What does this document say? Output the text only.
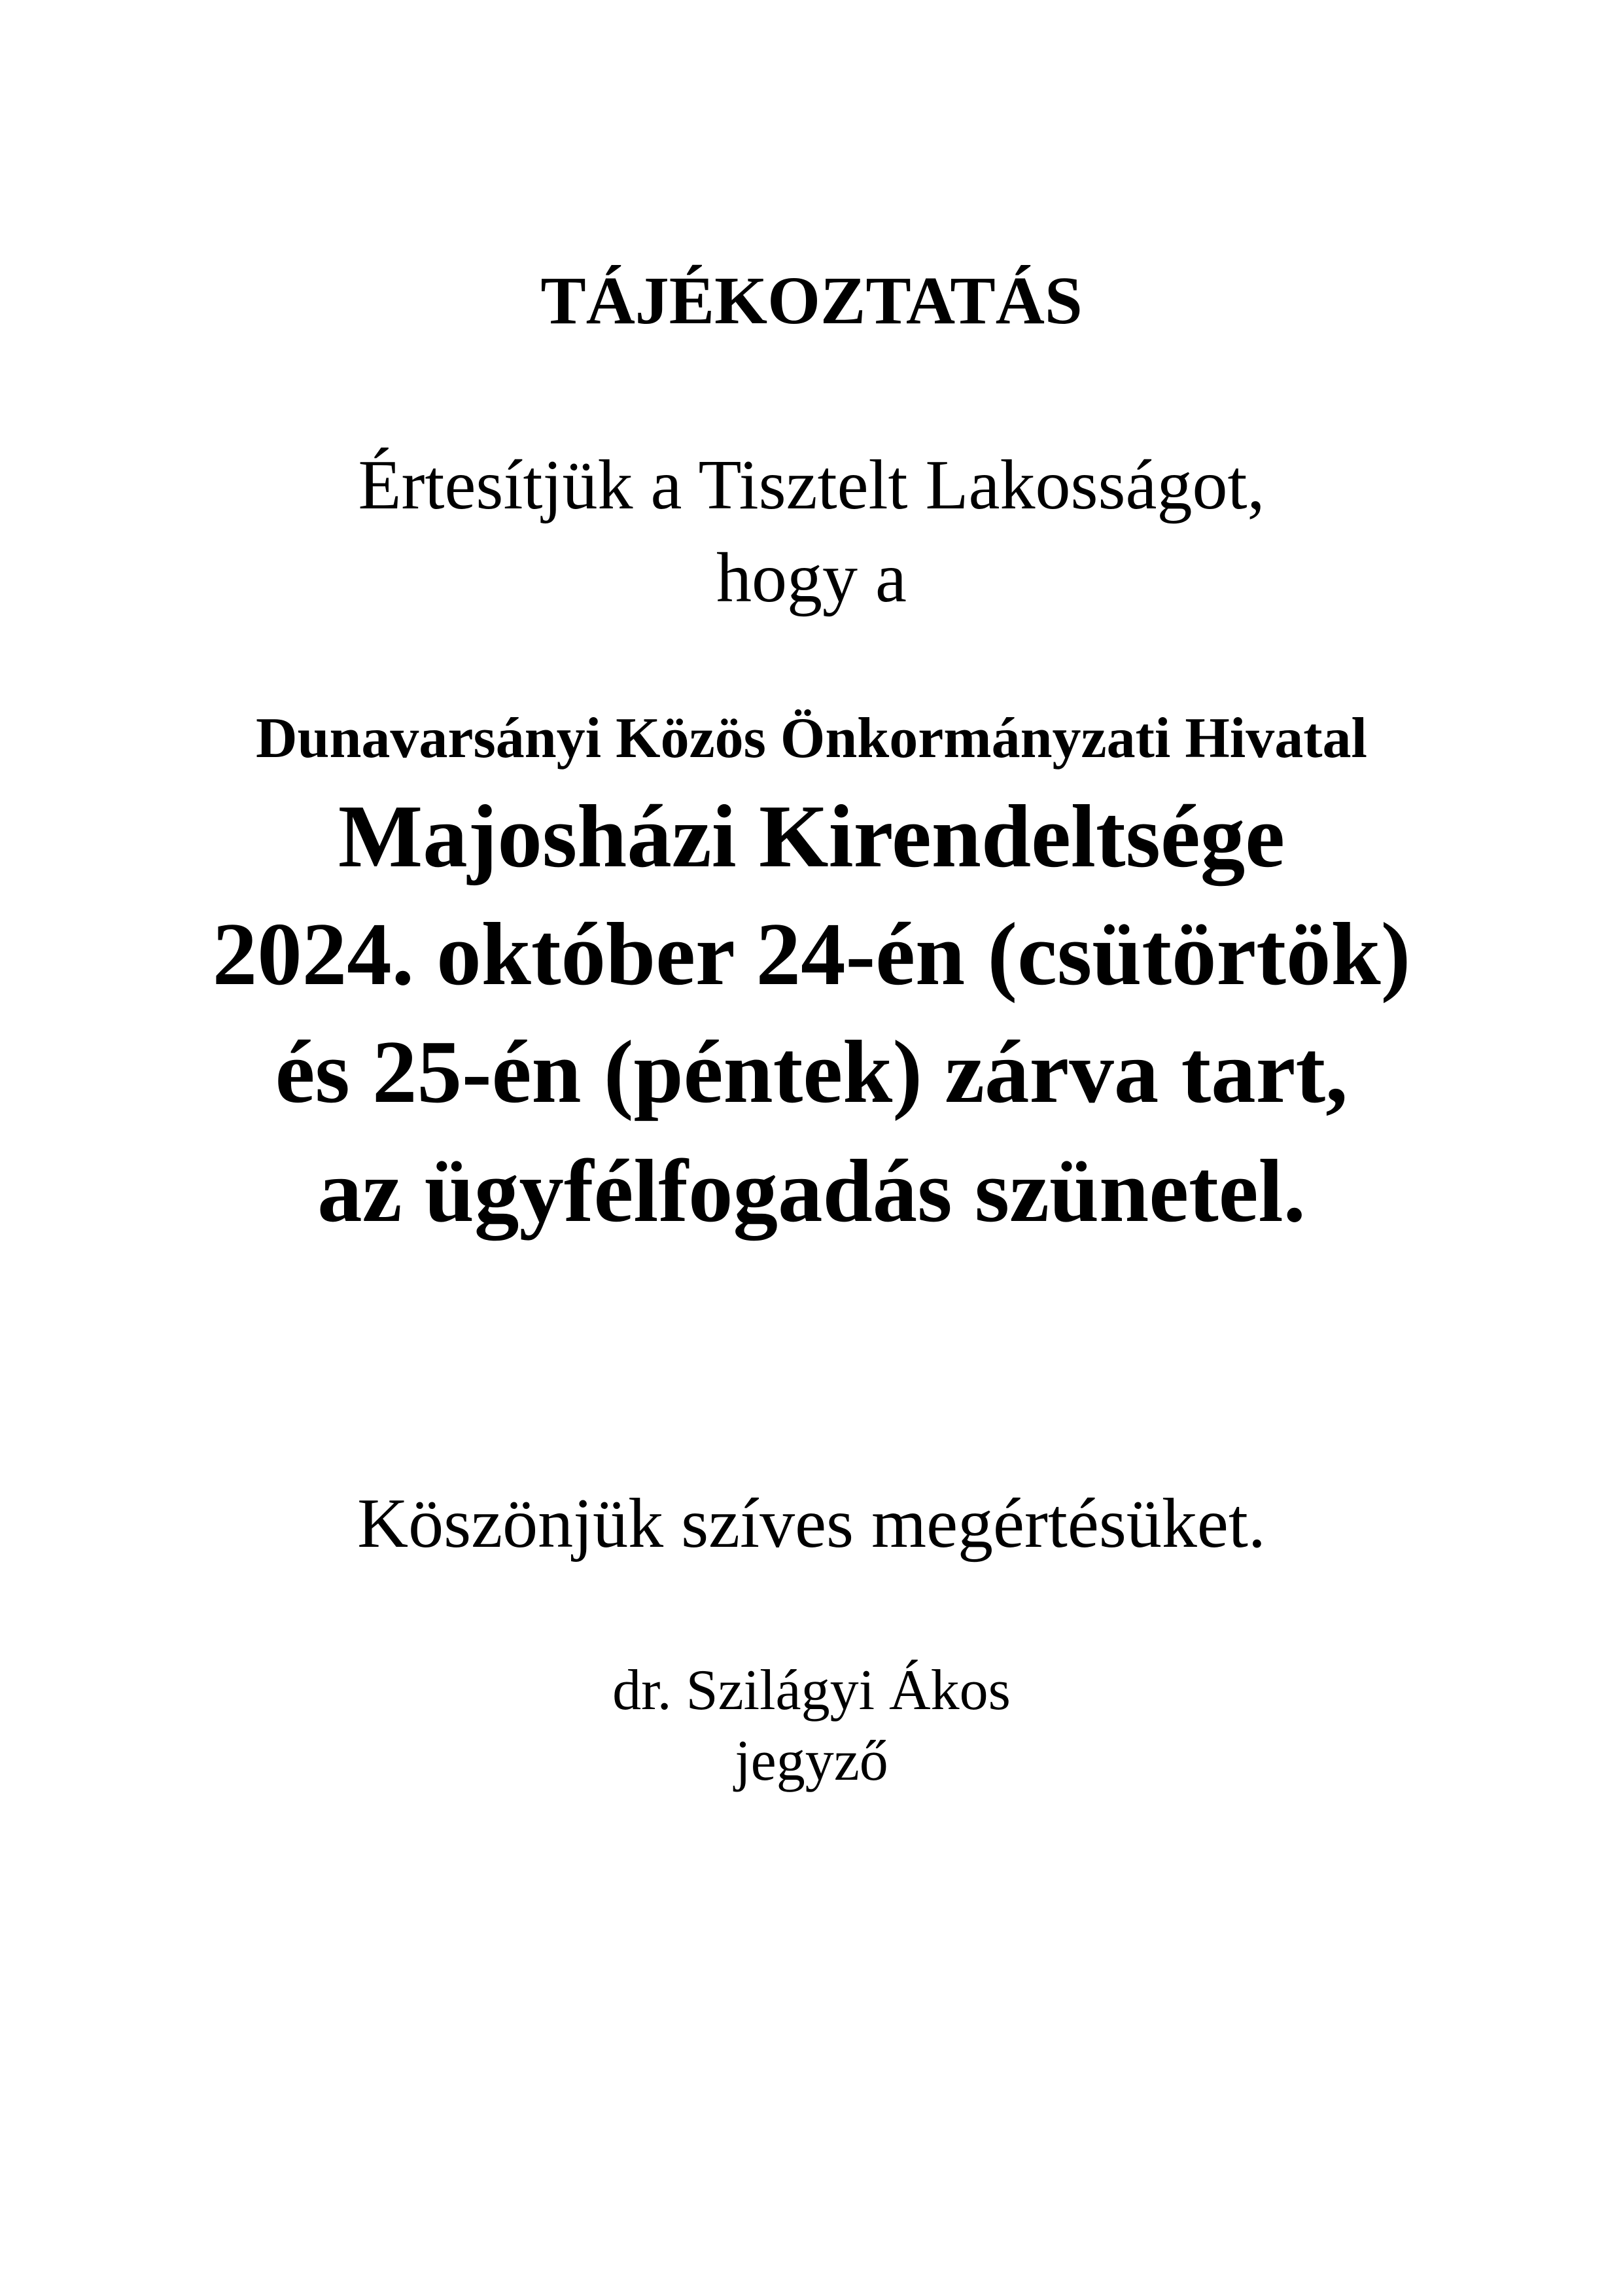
TÁJÉKOZTATÁS
Értesítjük a Tisztelt Lakosságot,
hogy a
Dunavarsányi Közös Önkormányzati Hivatal
Majosházi Kirendeltsége
2024. október 24-én (csütörtök)
és 25-én (péntek) zárva tart,
az ügyfélfogadás szünetel.
Köszönjük szíves megértésüket.
dr. Szilágyi Ákos
jegyző
